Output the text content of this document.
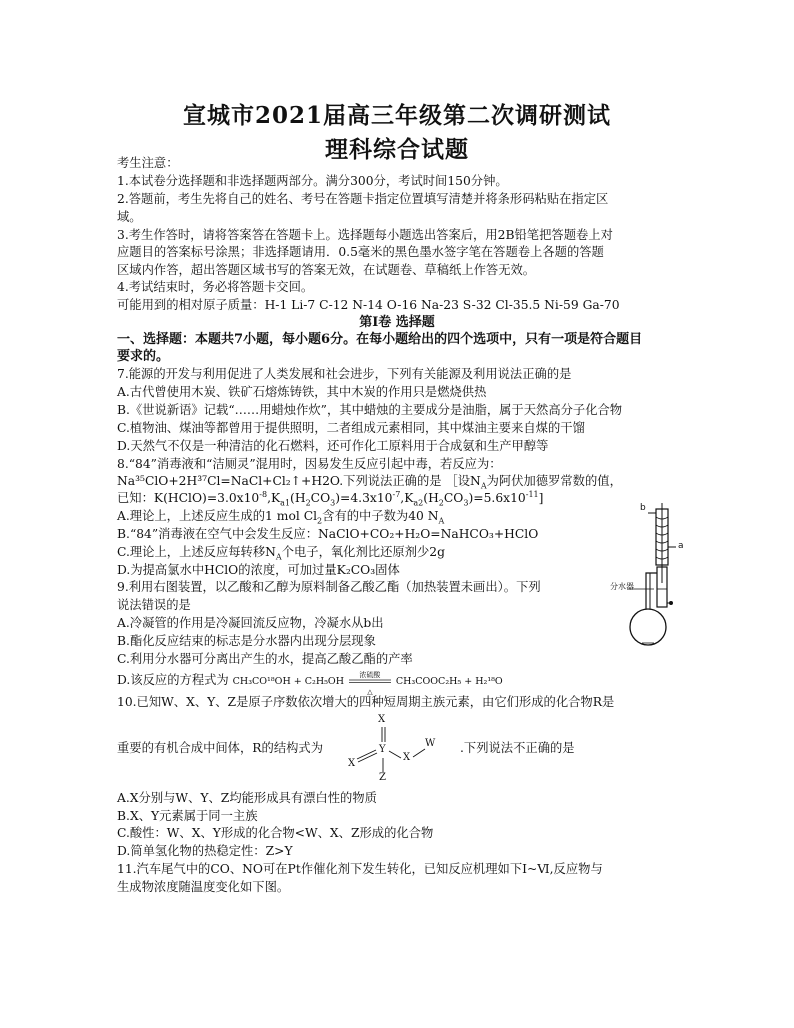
宣城市2021届高三年级第二次调研测试
理科综合试题
考生注意：
1.本试卷分选择题和非选择题两部分。满分300分，考试时间150分钟。
2.答题前，考生先将自己的姓名、考号在答题卡指定位置填写清楚并将条形码粘贴在指定区
域。
3.考生作答时，请将答案答在答题卡上。选择题每小题选出答案后，用2B铅笔把答题卷上对
应题目的答案标号涂黑；非选择题请用．0.5毫米的黑色墨水签字笔在答题卷上各题的答题
区域内作答，超出答题区域书写的答案无效，在试题卷、草稿纸上作答无效。
4.考试结束时，务必将答题卡交回。
可能用到的相对原子质量：H-1 Li-7 C-12 N-14 O-16 Na-23 S-32 Cl-35.5 Ni-59 Ga-70
第Ⅰ卷 选择题
一、选择题：本题共7小题，每小题6分。在每小题给出的四个选项中，只有一项是符合题目
要求的。
7.能源的开发与利用促进了人类发展和社会进步，下列有关能源及利用说法正确的是
A.古代曾使用木炭、铁矿石熔炼铸铁，其中木炭的作用只是燃烧供热
B.《世说新语》记载“……用蜡烛作炊”，其中蜡烛的主要成分是油脂，属于天然高分子化合物
C.植物油、煤油等都曾用于提供照明，二者组成元素相同，其中煤油主要来自煤的干馏
D.天然气不仅是一种清洁的化石燃料，还可作化工原料用于合成氨和生产甲醇等
8.“84”消毒液和“洁厕灵”混用时，因易发生反应引起中毒，若反应为：
Na³⁵ClO+2H³⁷Cl=NaCl+Cl₂↑+H2O.下列说法正确的是 ［设$N_A$为阿伏加德罗常数的值，
已知：$K(HClO)=3.0x10^{-8},K_{a1}(H_2CO_3)=4.3x10^{-7},K_{a2}(H_2CO_3)=5.6x10^{-11}$]
A.理论上，上述反应生成的1 mol $Cl_2$含有的中子数为40 $N_A$
B.“84”消毒液在空气中会发生反应：NaClO+CO₂+H₂O=NaHCO₃+HClO
C.理论上，上述反应每转移$N_A$个电子，氧化剂比还原剂少2g
D.为提高氯水中HClO的浓度，可加过量K₂CO₃固体
9.利用右图装置，以乙酸和乙醇为原料制备乙酸乙酯（加热装置未画出）。下列
说法错误的是
A.冷凝管的作用是冷凝回流反应物，冷凝水从b出
B.酯化反应结束的标志是分水器内出现分层现象
C.利用分水器可分离出产生的水，提高乙酸乙酯的产率
D.该反应的方程式为 CH₃CO¹⁸OH + C₂H₅OH
浓硫酸
△
CH₃COOC₂H₅ + H₂¹⁸O
b
a
分水器
10.已知W、X、Y、Z是原子序数依次增大的四种短周期主族元素，由它们形成的化合物R是
重要的有机合成中间体，R的结构式为	.下列说法不正确的是
X
X
Y
X
W
Z
A.X分别与W、Y、Z均能形成具有漂白性的物质
B.X、Y元素属于同一主族
C.酸性：W、X、Y形成的化合物<W、X、Z形成的化合物
D.简单氢化物的热稳定性：Z>Y
11.汽车尾气中的CO、NO可在Pt作催化剂下发生转化，已知反应机理如下Ⅰ~Ⅵ,反应物与
生成物浓度随温度变化如下图。
